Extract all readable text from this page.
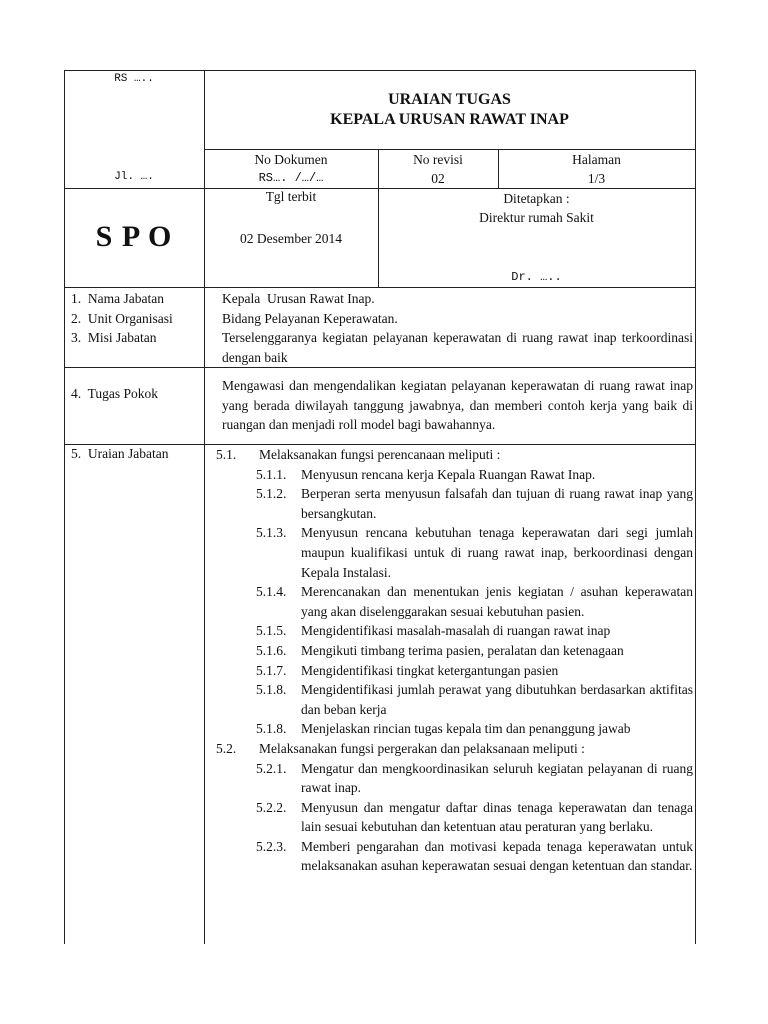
RS …..
Jl. ….
URAIAN TUGAS
KEPALA URUSAN RAWAT INAP
No Dokumen
RS…. /…/…
No revisi
02
Halaman
1/3
S P O
Tgl terbit
02 Desember 2014
Ditetapkan :
Direktur rumah Sakit
Dr. …..
1.  Nama Jabatan
2.  Unit Organisasi
3.  Misi Jabatan
Kepala  Urusan Rawat Inap.
Bidang Pelayanan Keperawatan.
Terselenggaranya kegiatan pelayanan keperawatan di ruang rawat inap terkoordinasi dengan baik
4.  Tugas Pokok
Mengawasi dan mengendalikan kegiatan pelayanan keperawatan di ruang rawat inap yang berada diwilayah tanggung jawabnya, dan memberi contoh kerja yang baik di ruangan dan menjadi roll model bagi bawahannya.
5.  Uraian Jabatan	5.1. Melaksanakan fungsi perencanaan meliputi :
5.1.1. Menyusun rencana kerja Kepala Ruangan Rawat Inap.
5.1.2. Berperan serta menyusun falsafah dan tujuan di ruang rawat inap yang bersangkutan.
5.1.3. Menyusun rencana kebutuhan tenaga keperawatan dari segi jumlah maupun kualifikasi untuk di ruang rawat inap, berkoordinasi dengan Kepala Instalasi.
5.1.4. Merencanakan dan menentukan jenis kegiatan / asuhan keperawatan yang akan diselenggarakan sesuai kebutuhan pasien.
5.1.5. Mengidentifikasi masalah-masalah di ruangan rawat inap
5.1.6. Mengikuti timbang terima pasien, peralatan dan ketenagaan
5.1.7. Mengidentifikasi tingkat ketergantungan pasien
5.1.8. Mengidentifikasi jumlah perawat yang dibutuhkan berdasarkan aktifitas dan beban kerja
5.1.8. Menjelaskan rincian tugas kepala tim dan penanggung jawab
5.2. Melaksanakan fungsi pergerakan dan pelaksanaan meliputi :
5.2.1. Mengatur dan mengkoordinasikan seluruh kegiatan pelayanan di ruang rawat inap.
5.2.2. Menyusun dan mengatur daftar dinas tenaga keperawatan dan tenaga lain sesuai kebutuhan dan ketentuan atau peraturan yang berlaku.
5.2.3. Memberi pengarahan dan motivasi kepada tenaga keperawatan untuk melaksanakan asuhan keperawatan sesuai dengan ketentuan dan standar.
